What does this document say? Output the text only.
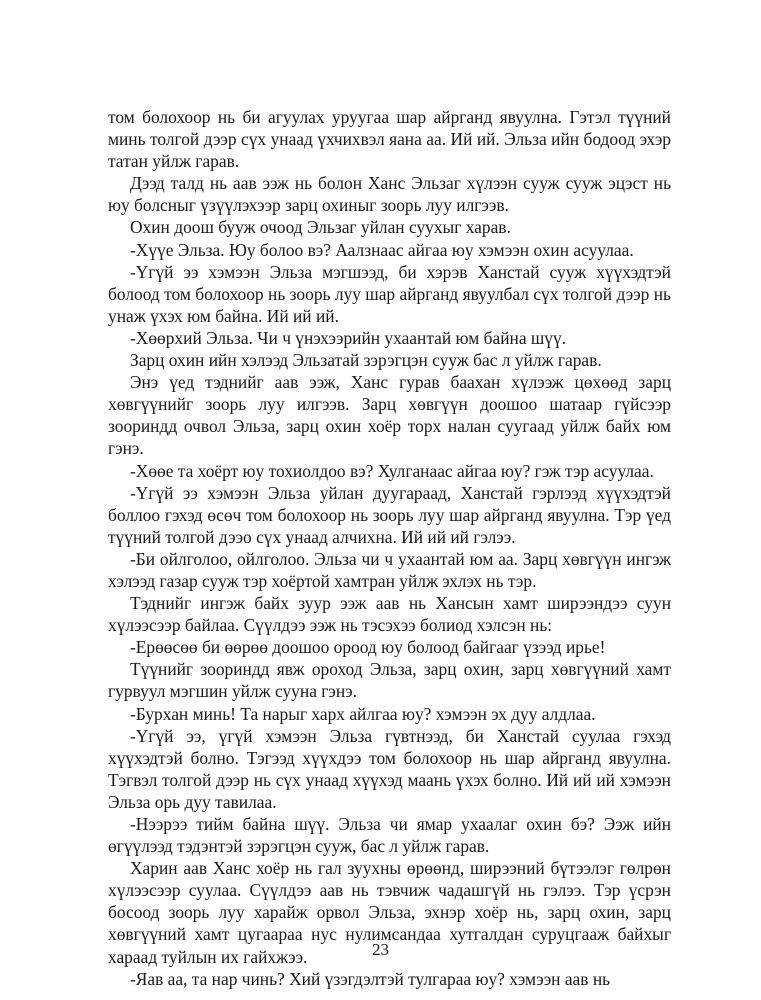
том болохоор нь би агуулах уруугаа шар айрганд явуулна. Гэтэл түүний минь толгой дээр сүх унаад үхчихвэл яана аа. Ий ий. Эльза ийн бодоод эхэр татан уйлж гарав.

Дээд талд нь аав ээж нь болон Ханс Эльзаг хүлээн сууж сууж эцэст нь юу болсныг үзүүлэхээр зарц охиныг зоорь луу илгээв.

Охин доош бууж очоод Эльзаг уйлан суухыг харав.

-Хүүе Эльза. Юу болоо вэ? Аалзнаас айгаа юу хэмээн охин асуулаа.

-Үгүй ээ хэмээн Эльза мэгшээд, би хэрэв Ханстай сууж хүүхэдтэй болоод том болохоор нь зоорь луу шар айрганд явуулбал сүх толгой дээр нь унаж үхэх юм байна. Ий ий ий.

-Хөөрхий Эльза. Чи ч үнэхээрийн ухаантай юм байна шүү.

Зарц охин ийн хэлээд Эльзатай зэрэгцэн сууж бас л уйлж гарав.

Энэ үед тэднийг аав ээж, Ханс гурав баахан хүлээж цөхөөд зарц хөвгүүнийг зоорь луу илгээв. Зарц хөвгүүн доошоо шатаар гүйсээр зоориндд очвол Эльза, зарц охин хоёр торх налан суугаад уйлж байх юм гэнэ.

-Хөөе та хоёрт юу тохиолдоо вэ? Хулганаас айгаа юу? гэж тэр асуулаа.

-Үгүй ээ хэмээн Эльза уйлан дуугараад, Ханстай гэрлээд хүүхэдтэй боллоо гэхэд өсөч том болохоор нь зоорь луу шар айрганд явуулна. Тэр үед түүний толгой дээо сүх унаад алчихна. Ий ий ий гэлээ.

-Би ойлголоо, ойлголоо. Эльза чи ч ухаантай юм аа. Зарц хөвгүүн ингэж хэлээд газар сууж тэр хоёртой хамтран уйлж эхлэх нь тэр.

Тэднийг ингэж байх зуур ээж аав нь Хансын хамт ширээндээ суун хүлээсээр байлаа. Сүүлдээ ээж нь тэсэхээ болиод хэлсэн нь:

-Ерөөсөө би өөрөө доошоо ороод юу болоод байгааг үзээд ирье!

Түүнийг зоориндд явж ороход Эльза, зарц охин, зарц хөвгүүний хамт гурвуул мэгшин уйлж сууна гэнэ.

-Бурхан минь! Та нарыг харх айлгаа юу? хэмээн эх дуу алдлаа.

-Үгүй ээ, үгүй хэмээн Эльза гүвтнээд, би Ханстай суулаа гэхэд хүүхэдтэй болно. Тэгээд хүүхдээ том болохоор нь шар айрганд явуулна. Тэгвэл толгой дээр нь сүх унаад хүүхэд маань үхэх болно. Ий ий ий хэмээн Эльза орь дуу тавилаа.

-Нээрээ тийм байна шүү. Эльза чи ямар ухаалаг охин бэ? Ээж ийн өгүүлээд тэдэнтэй зэрэгцэн сууж, бас л уйлж гарав.

Харин аав Ханс хоёр нь гал зуухны өрөөнд, ширээний бүтээлэг гөлрөн хүлээсээр суулаа. Сүүлдээ аав нь тэвчиж чадашгүй нь гэлээ. Тэр үсрэн босоод зоорь луу харайж орвол Эльза, эхнэр хоёр нь, зарц охин, зарц хөвгүүний хамт цугаараа нус нулимсандаа хутгалдан суруцгааж байхыг хараад туйлын их гайхжээ.

-Яав аа, та нар чинь? Хий үзэгдэлтэй тулгараа юу? хэмээн аав нь

23
